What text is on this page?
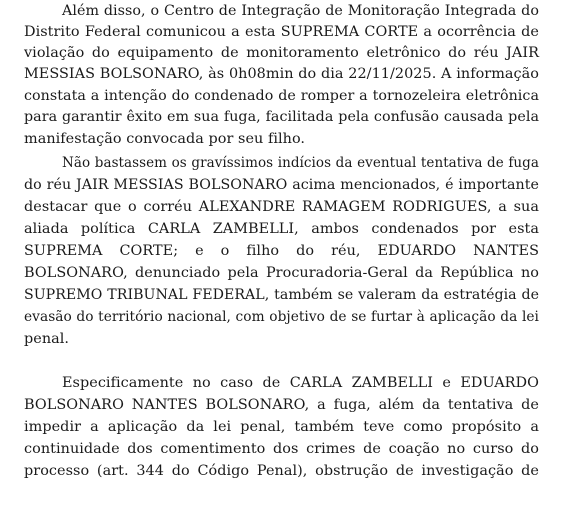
Além disso, o Centro de Integração de Monitoração Integrada do
Distrito Federal comunicou a esta SUPREMA CORTE a ocorrência de
violação do equipamento de monitoramento eletrônico do réu JAIR
MESSIAS BOLSONARO, às 0h08min do dia 22/11/2025. A informação
constata a intenção do condenado de romper a tornozeleira eletrônica
para garantir êxito em sua fuga, facilitada pela confusão causada pela
manifestação convocada por seu filho.
Não bastassem os gravíssimos indícios da eventual tentativa de fuga
do réu JAIR MESSIAS BOLSONARO acima mencionados, é importante
destacar que o corréu ALEXANDRE RAMAGEM RODRIGUES, a sua
aliada política CARLA ZAMBELLI, ambos condenados por esta
SUPREMA CORTE; e o filho do réu, EDUARDO NANTES
BOLSONARO, denunciado pela Procuradoria-Geral da República no
SUPREMO TRIBUNAL FEDERAL, também se valeram da estratégia de
evasão do território nacional, com objetivo de se furtar à aplicação da lei
penal.
Especificamente no caso de CARLA ZAMBELLI e EDUARDO
BOLSONARO NANTES BOLSONARO, a fuga, além da tentativa de
impedir a aplicação da lei penal, também teve como propósito a
continuidade dos comentimento dos crimes de coação no curso do
processo (art. 344 do Código Penal), obstrução de investigação de
